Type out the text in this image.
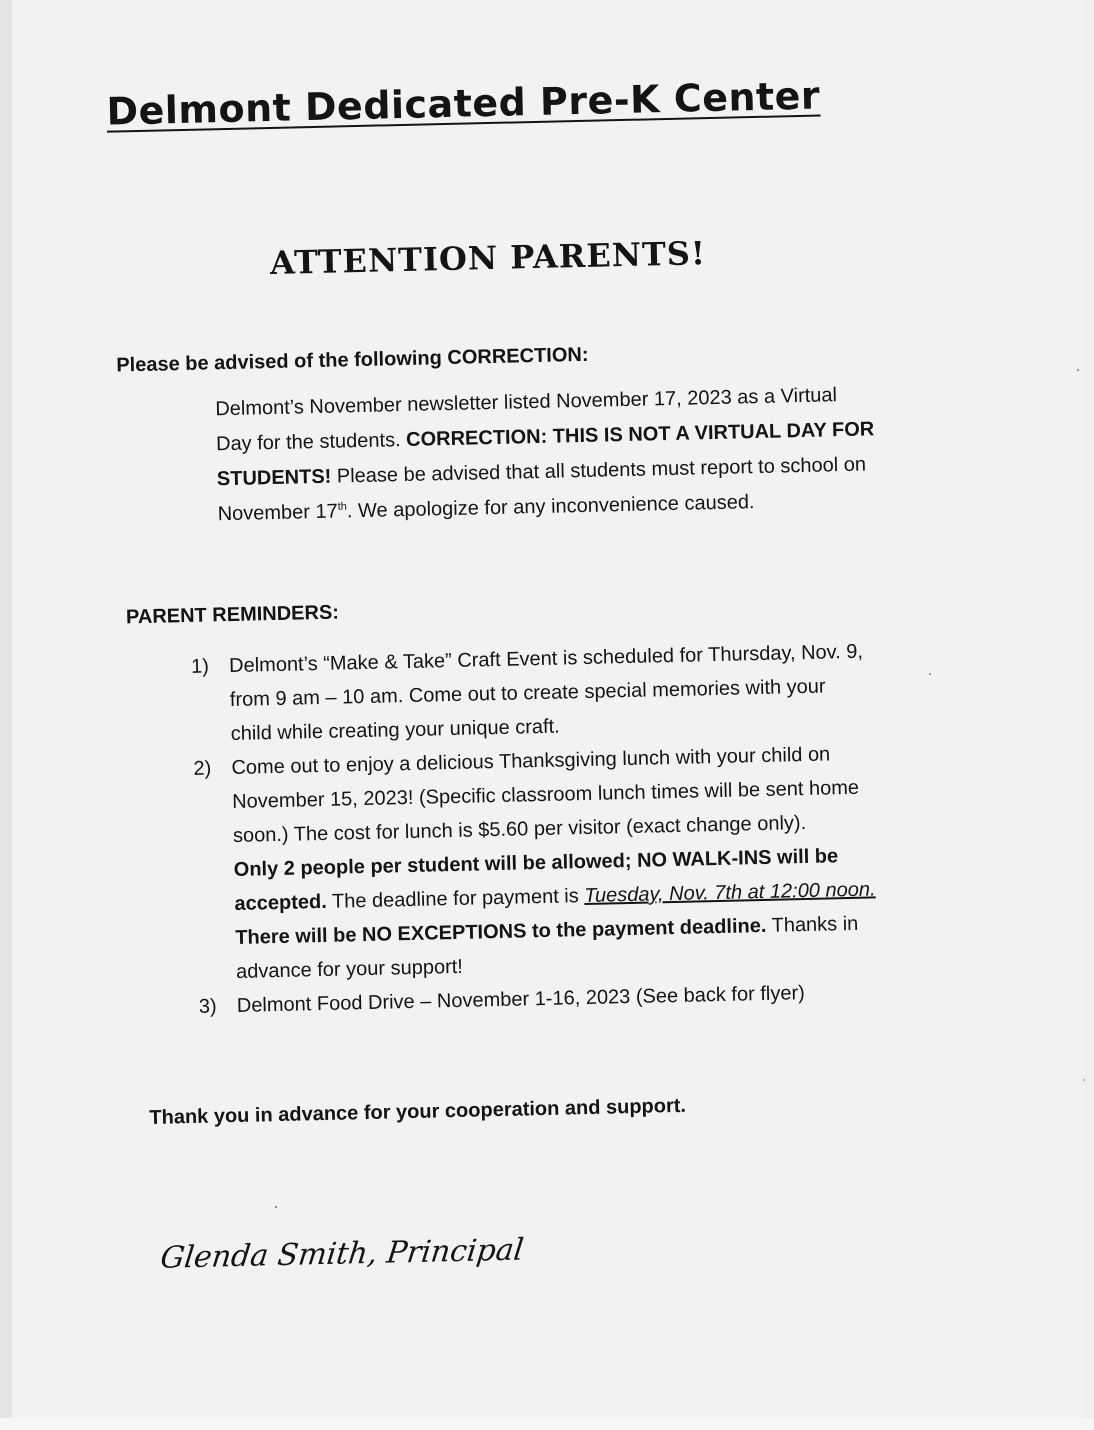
Delmont Dedicated Pre-K Center
ATTENTION PARENTS!
Please be advised of the following CORRECTION:
Delmont’s November newsletter listed November 17, 2023 as a Virtual
Day for the students. CORRECTION: THIS IS NOT A VIRTUAL DAY FOR
STUDENTS! Please be advised that all students must report to school on
November 17th. We apologize for any inconvenience caused.
PARENT REMINDERS:
1) Delmont’s “Make & Take” Craft Event is scheduled for Thursday, Nov. 9,
from 9 am – 10 am. Come out to create special memories with your
child while creating your unique craft.
2) Come out to enjoy a delicious Thanksgiving lunch with your child on
November 15, 2023! (Specific classroom lunch times will be sent home
soon.) The cost for lunch is $5.60 per visitor (exact change only).
Only 2 people per student will be allowed; NO WALK-INS will be
accepted. The deadline for payment is Tuesday, Nov. 7th at 12:00 noon.
There will be NO EXCEPTIONS to the payment deadline. Thanks in
advance for your support!
3) Delmont Food Drive – November 1-16, 2023 (See back for flyer)
Thank you in advance for your cooperation and support.
Glenda Smith, Principal
